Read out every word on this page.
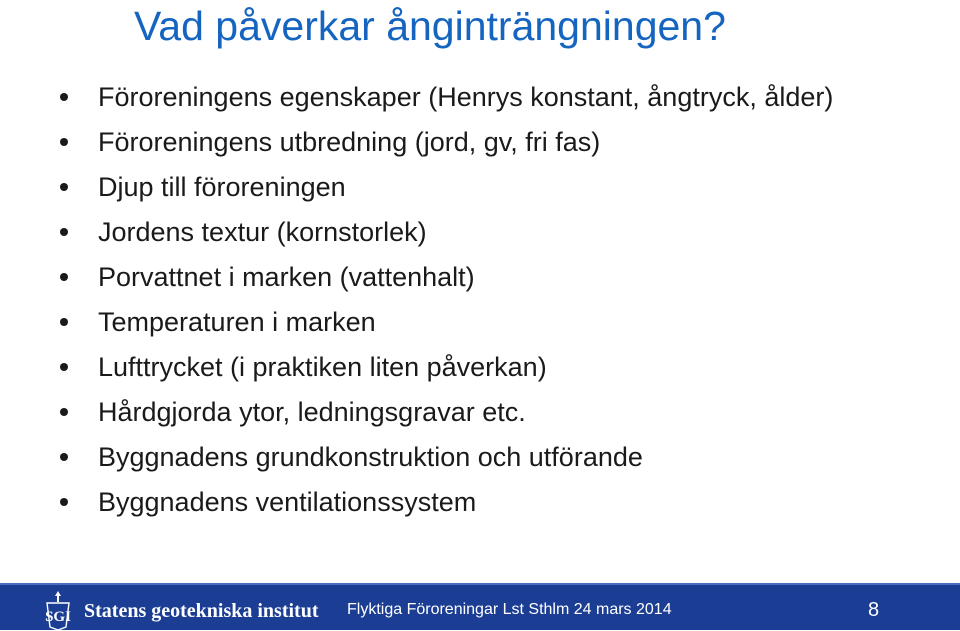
Vad påverkar ånginträngningen?
Föroreningens egenskaper (Henrys konstant, ångtryck, ålder)
Föroreningens utbredning (jord, gv, fri fas)
Djup till föroreningen
Jordens textur (kornstorlek)
Porvattnet i marken (vattenhalt)
Temperaturen i marken
Lufttrycket (i praktiken liten påverkan)
Hårdgjorda ytor, ledningsgravar etc.
Byggnadens grundkonstruktion och utförande
Byggnadens ventilationssystem
SGI Statens geotekniska institut Flyktiga Föroreningar Lst Sthlm 24 mars 2014	8
